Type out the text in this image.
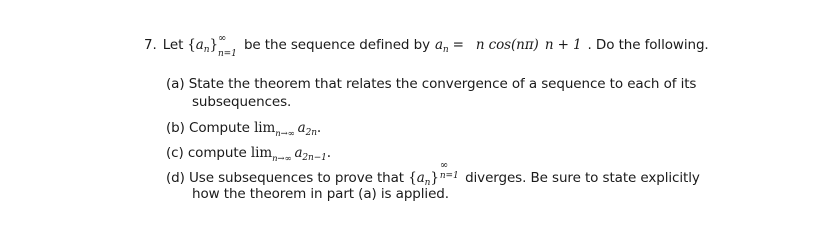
7. Let $\{a_n\}$ ∞
n=1
be the sequence defined by $a_n = n$ cos(nπ) n + 1 . Do the following.
(a) State the theorem that relates the convergence of a sequence to each of its
subsequences.
(b) Compute $\lim_{n\to\infty} a_{2n}$.
(c) compute $\lim_{n\to\infty} a_{2n-1}$.
(d) Use subsequences to prove that $\{a_n\}$
∞
n=1 diverges. Be sure to state explicitly
how the theorem in part (a) is applied.
